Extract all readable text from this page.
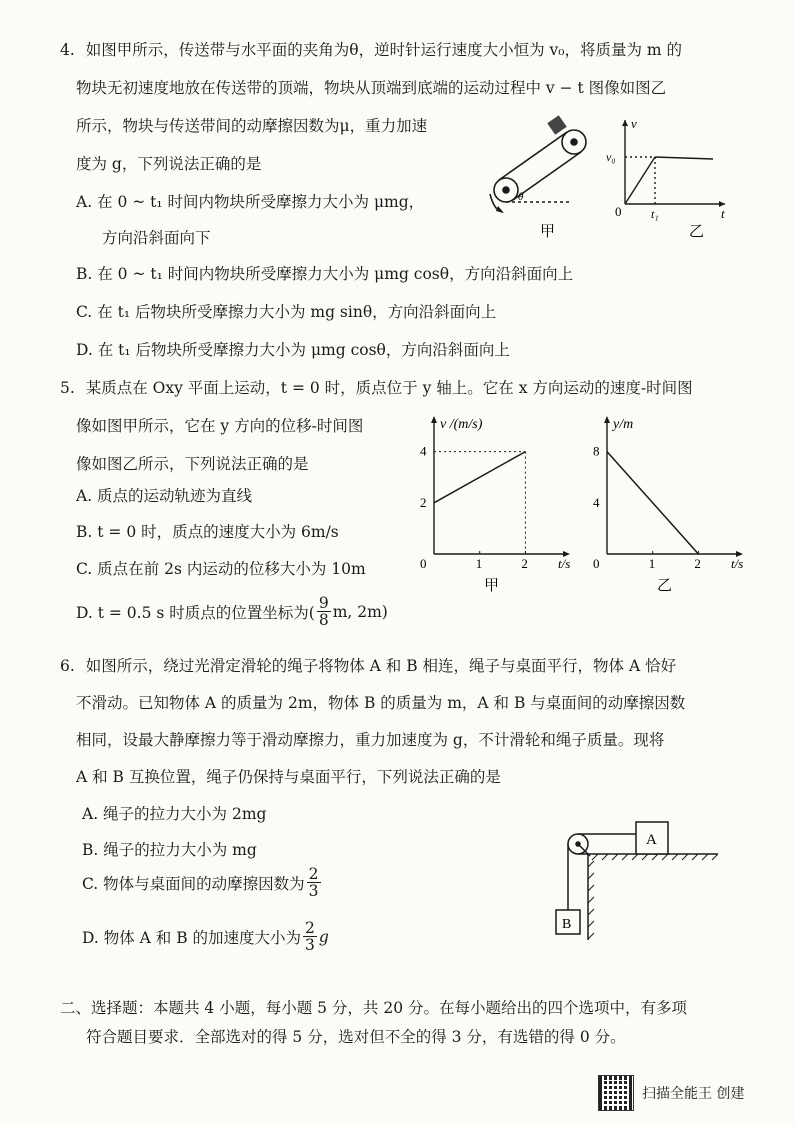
4. 如图甲所示，传送带与水平面的夹角为θ，逆时针运行速度大小恒为 v₀，将质量为 m 的
物块无初速度地放在传送带的顶端，物块从顶端到底端的运动过程中 v − t 图像如图乙
所示，物块与传送带间的动摩擦因数为μ，重力加速
度为 g，下列说法正确的是
A. 在 0 ~ t₁ 时间内物块所受摩擦力大小为 μmg，
方向沿斜面向下
B. 在 0 ~ t₁ 时间内物块所受摩擦力大小为 μmg cosθ，方向沿斜面向上
C. 在 t₁ 后物块所受摩擦力大小为 mg sinθ，方向沿斜面向上
D. 在 t₁ 后物块所受摩擦力大小为 μmg cosθ，方向沿斜面向上
θ
甲
v
v₀
0 t₁	t
乙
5. 某质点在 Oxy 平面上运动，t = 0 时，质点位于 y 轴上。它在 x 方向运动的速度-时间图
像如图甲所示，它在 y 方向的位移-时间图
像如图乙所示，下列说法正确的是
A. 质点的运动轨迹为直线
B. t = 0 时，质点的速度大小为 6m/s
C. 质点在前 2s 内运动的位移大小为 10m
D. t = 0.5 s 时质点的位置坐标为( $\frac{9}{8} m$, 2m)
0	1	2
2
4
v /(m/s)
t/s
甲
0	1	2
4
8
y/m
t/s
乙
6. 如图所示，绕过光滑定滑轮的绳子将物体 A 和 B 相连，绳子与桌面平行，物体 A 恰好
不滑动。已知物体 A 的质量为 2m，物体 B 的质量为 m，A 和 B 与桌面间的动摩擦因数
相同，设最大静摩擦力等于滑动摩擦力，重力加速度为 g，不计滑轮和绳子质量。现将
A 和 B 互换位置，绳子仍保持与桌面平行，下列说法正确的是
A. 绳子的拉力大小为 2mg
B. 绳子的拉力大小为 mg
C. 物体与桌面间的动摩擦因数为 $\frac{2}{3}$
D. 物体 A 和 B 的加速度大小为 $\frac{2}{3}$ g
A
B
二、选择题：本题共 4 小题，每小题 5 分，共 20 分。在每小题给出的四个选项中，有多项
符合题目要求．全部选对的得 5 分，选对但不全的得 3 分，有选错的得 0 分。
扫描全能王 创建
